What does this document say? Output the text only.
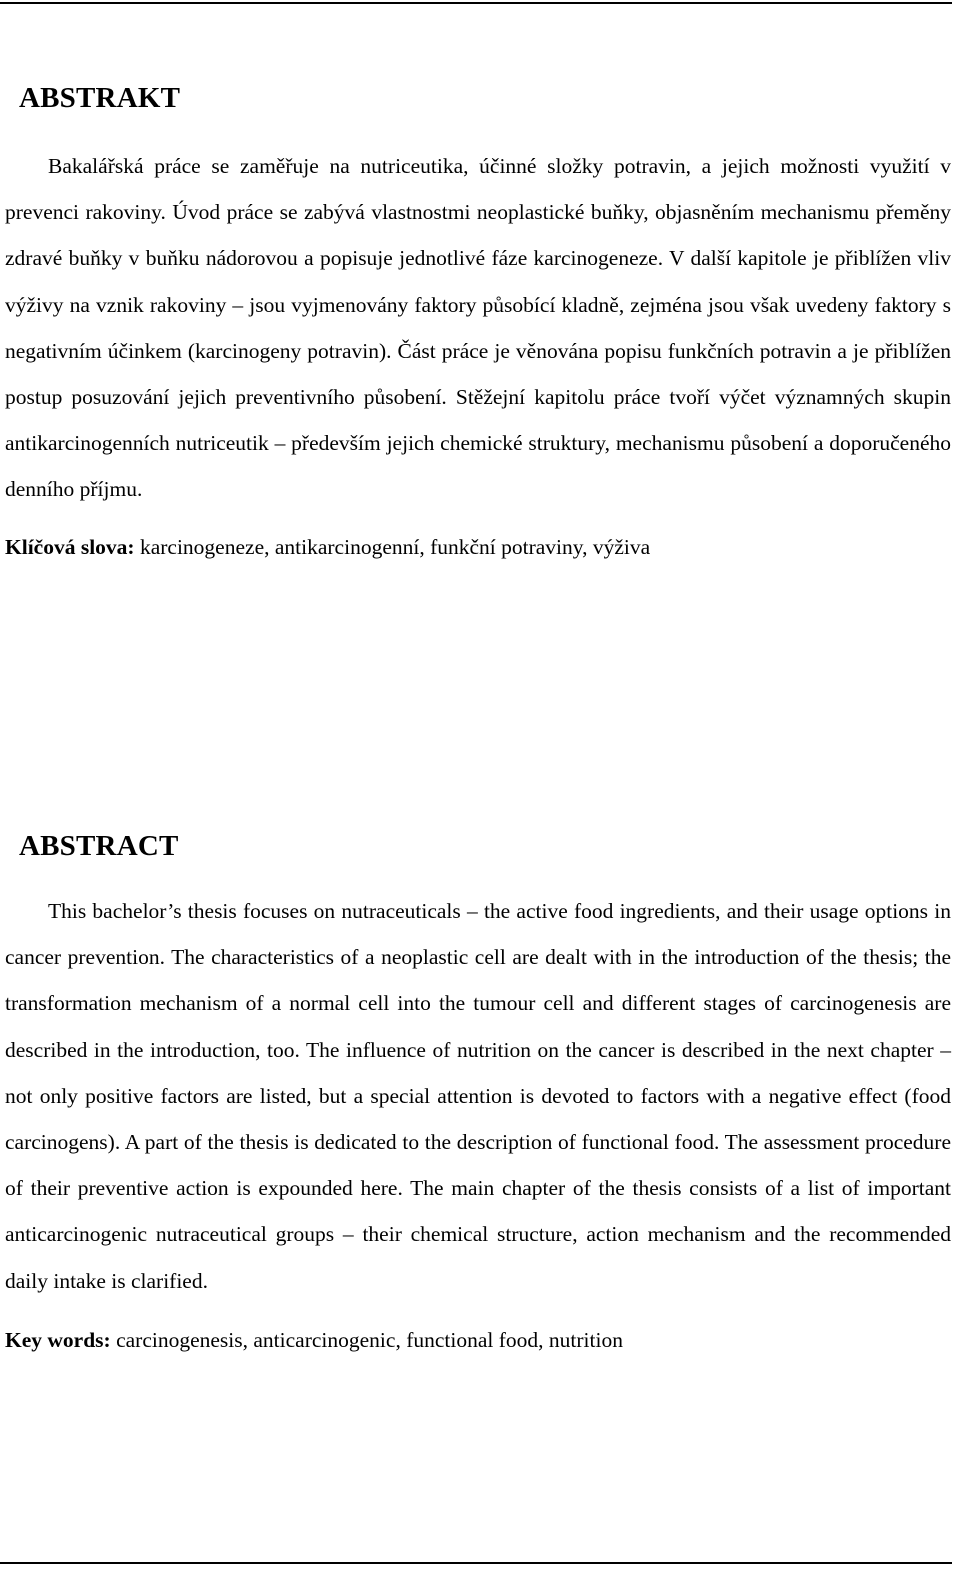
ABSTRAKT

Bakalářská práce se zaměřuje na nutriceutika, účinné složky potravin, a jejich možnosti využití v prevenci rakoviny. Úvod práce se zabývá vlastnostmi neoplastické buňky, objasněním mechanismu přeměny zdravé buňky v buňku nádorovou a popisuje jednotlivé fáze karcinogeneze. V další kapitole je přiblížen vliv výživy na vznik rakoviny – jsou vyjmenovány faktory působící kladně, zejména jsou však uvedeny faktory s negativním účinkem (karcinogeny potravin). Část práce je věnována popisu funkčních potravin a je přiblížen postup posuzování jejich preventivního působení. Stěžejní kapitolu práce tvoří výčet významných skupin antikarcinogenních nutriceutik – především jejich chemické struktury, mechanismu působení a doporučeného denního příjmu.

Klíčová slova: karcinogeneze, antikarcinogenní, funkční potraviny, výživa

ABSTRACT

This bachelor’s thesis focuses on nutraceuticals – the active food ingredients, and their usage options in cancer prevention. The characteristics of a neoplastic cell are dealt with in the introduction of the thesis; the transformation mechanism of a normal cell into the tumour cell and different stages of carcinogenesis are described in the introduction, too. The influence of nutrition on the cancer is described in the next chapter – not only positive factors are listed, but a special attention is devoted to factors with a negative effect (food carcinogens). A part of the thesis is dedicated to the description of functional food. The assessment procedure of their preventive action is expounded here. The main chapter of the thesis consists of a list of important anticarcinogenic nutraceutical groups – their chemical structure, action mechanism and the recommended daily intake is clarified.

Key words: carcinogenesis, anticarcinogenic, functional food, nutrition
